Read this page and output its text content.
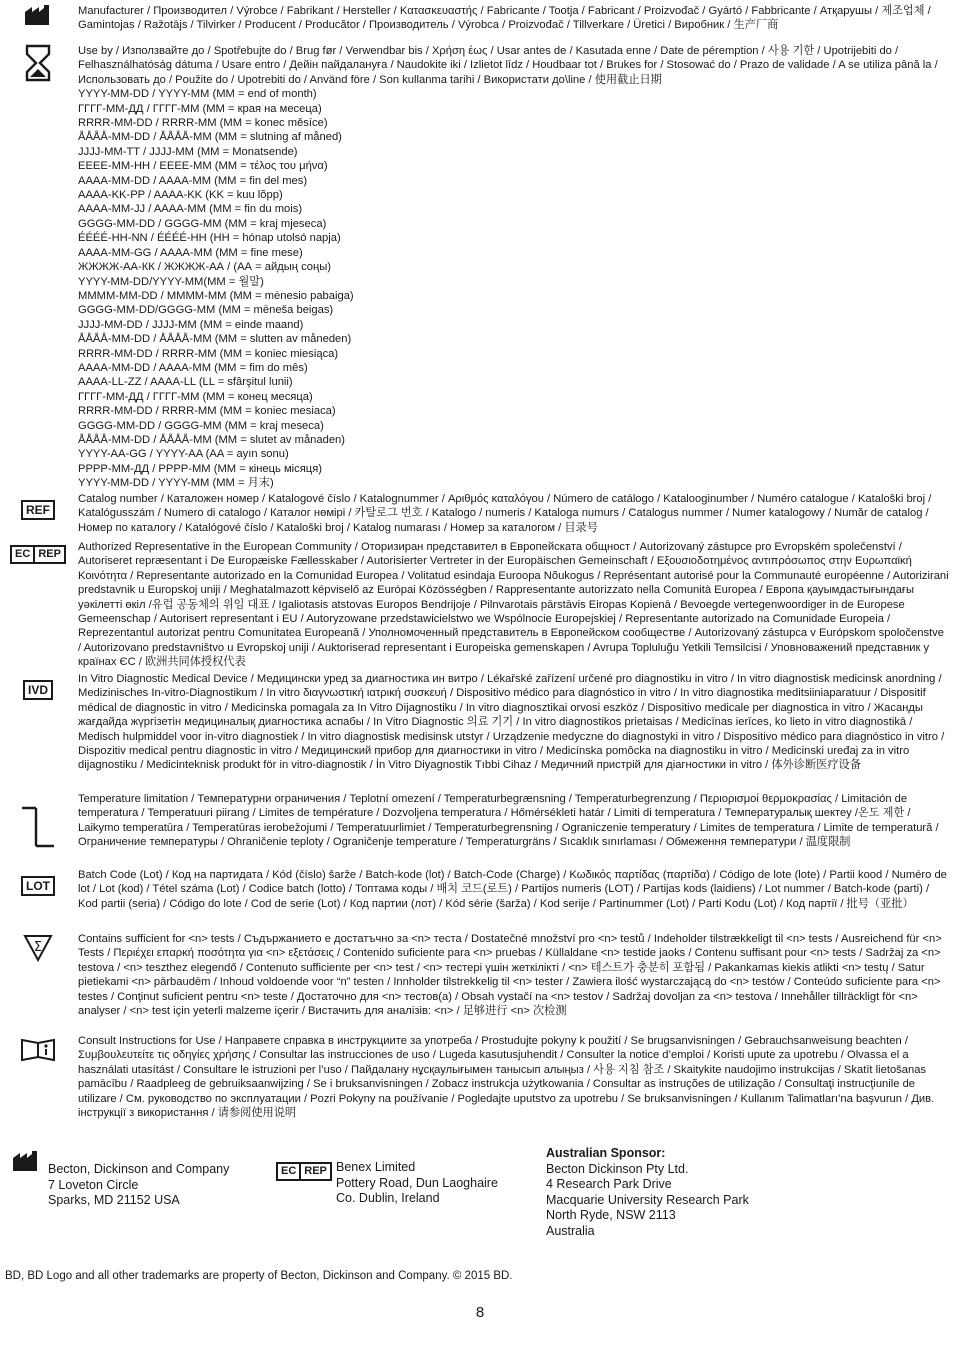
Manufacturer / Производител / Výrobce / Fabrikant / Hersteller / Κατασκευαστής / Fabricante / Tootja / Fabricant / Proizvođač / Gyártó / Fabbricante / Атқарушы / 제조업체 / Gamintojas / Ražotājs / Tilvirker / Producent / Producător / Производитель / Výrobca / Proizvođač / Tillverkare / Üretici / Виробник / 生产厂商
Use by / Използвайте до / Spotřebujte do / Brug før / Verwendbar bis / Χρήση έως / Usar antes de / Kasutada enne / Date de péremption / 사용 기한 / Upotrijebiti do / Felhasználhatóság dátuma / Usare entro / Дейін пайдалануға / Naudokite iki / Izlietot līdz / Houdbaar tot / Brukes for / Stosować do / Prazo de validade / A se utiliza până la / Использовать до / Použite do / Upotrebiti do / Använd före / Son kullanma tarihi / Використати до\line / 使用截止日期
YYYY-MM-DD / YYYY-MM (MM = end of month)
ГГГГ-ММ-ДД / ГГГГ-ММ (ММ = края на месеца)
RRRR-MM-DD / RRRR-MM (MM = konec měsíce)
ÅÅÅÅ-MM-DD / ÅÅÅÅ-MM (MM = slutning af måned)
JJJJ-MM-TT / JJJJ-MM (MM = Monatsende)
ΕΕΕΕ-ΜΜ-ΗΗ / ΕΕΕΕ-ΜΜ (ΜΜ = τέλος του μήνα)
AAAA-MM-DD / AAAA-MM (MM = fin del mes)
AAAA-KK-PP / AAAA-KK (KK = kuu lõpp)
AAAA-MM-JJ / AAAA-MM (MM = fin du mois)
GGGG-MM-DD / GGGG-MM (MM = kraj mjeseca)
ÉÉÉÉ-HH-NN / ÉÉÉÉ-HH (HH = hónap utolsó napja)
AAAA-MM-GG / AAAA-MM (MM = fine mese)
ЖЖЖЖ-АА-КК / ЖЖЖЖ-АА / (АА = айдың соңы)
YYYY-MM-DD/YYYY-MM(MM = 월말)
MMMM-MM-DD / MMMM-MM (MM = mėnesio pabaiga)
GGGG-MM-DD/GGGG-MM (MM = mēneša beigas)
JJJJ-MM-DD / JJJJ-MM (MM = einde maand)
ÅÅÅÅ-MM-DD / ÅÅÅÅ-MM (MM = slutten av måneden)
RRRR-MM-DD / RRRR-MM (MM = koniec miesiąca)
AAAA-MM-DD / AAAA-MM (MM = fim do mês)
AAAA-LL-ZZ / AAAA-LL (LL = sfârşitul lunii)
ГГГГ-ММ-ДД / ГГГГ-ММ (ММ = конец месяца)
RRRR-MM-DD / RRRR-MM (MM = koniec mesiaca)
GGGG-MM-DD / GGGG-MM (MM = kraj meseca)
ÅÅÅÅ-MM-DD / ÅÅÅÅ-MM (MM = slutet av månaden)
YYYY-AA-GG / YYYY-AA (AA = ayın sonu)
РРРР-ММ-ДД / РРРР-ММ (ММ = кінець місяця)
YYYY-MM-DD / YYYY-MM (MM = 月末)
REF
Catalog number / Каталожен номер / Katalogové číslo / Katalognummer / Αριθμός καταλόγου / Número de catálogo / Katalooginumber / Numéro catalogue / Kataloški broj / Katalógusszám / Numero di catalogo / Каталог нөмірі / 카탈로그 번호 / Katalogo / numeris / Kataloga numurs / Catalogus nummer / Numer katalogowy / Număr de catalog / Номер по каталогу / Katalógové číslo / Kataloški broj / Katalog numarası / Номер за каталогом / 目录号
EC REP
Authorized Representative in the European Community / Оторизиран представител в Европейската общност / Autorizovaný zástupce pro Evropském společenství / Autoriseret repræsentant i De Europæiske Fællesskaber / Autorisierter Vertreter in der Europäischen Gemeinschaft / Εξουσιοδοτημένος αντιπρόσωπος στην Ευρωπαϊκή Κοινότητα / Representante autorizado en la Comunidad Europea / Volitatud esindaja Euroopa Nõukogus / Représentant autorisé pour la Communauté européenne / Autorizirani predstavnik u Europskoj uniji / Meghatalmazott képviselő az Európai Közösségben / Rappresentante autorizzato nella Comunità Europea / Европа қауымдастығындағы уәкілетті өкіл /유럽 공동체의 위임 대표 / Igaliotasis atstovas Europos Bendrijoje / Pilnvarotais pārstāvis Eiropas Kopienā / Bevoegde vertegenwoordiger in de Europese Gemeenschap / Autorisert representant i EU / Autoryzowane przedstawicielstwo we Wspólnocie Europejskiej / Representante autorizado na Comunidade Europeia / Reprezentantul autorizat pentru Comunitatea Europeană / Уполномоченный представитель в Европейском сообществе / Autorizovaný zástupca v Európskom spoločenstve / Autorizovano predstavništvo u Evropskoj uniji / Auktoriserad representant i Europeiska gemenskapen / Avrupa Topluluğu Yetkili Temsilcisi / Уповноважений представник у країнах ЄС / 欧洲共同体授权代表
IVD
In Vitro Diagnostic Medical Device / Медицински уред за диагностика ин витро / Lékařské zařízení určené pro diagnostiku in vitro / In vitro diagnostisk medicinsk anordning / Medizinisches In-vitro-Diagnostikum / In vitro διαγνωστική ιατρική συσκευή / Dispositivo médico para diagnóstico in vitro / In vitro diagnostika meditsiiniaparatuur / Dispositif médical de diagnostic in vitro / Medicinska pomagala za In Vitro Dijagnostiku / In vitro diagnosztikai orvosi eszköz / Dispositivo medicale per diagnostica in vitro / Жасанды жағдайда жүргізетін медициналық диагностика аспабы / In Vitro Diagnostic 의료 기기 / In vitro diagnostikos prietaisas / Medicīnas ierīces, ko lieto in vitro diagnostikā / Medisch hulpmiddel voor in-vitro diagnostiek / In vitro diagnostisk medisinsk utstyr / Urządzenie medyczne do diagnostyki in vitro / Dispositivo médico para diagnóstico in vitro / Dispozitiv medical pentru diagnostic in vitro / Медицинский прибор для диагностики in vitro / Medicínska pomôcka na diagnostiku in vitro / Medicinski uređaj za in vitro dijagnostiku / Medicinteknisk produkt för in vitro-diagnostik / İn Vitro Diyagnostik Tıbbi Cihaz / Медичний пристрій для діагностики in vitro / 体外诊断医疗设备
Temperature limitation / Температурни ограничения / Teplotní omezení / Temperaturbegrænsning / Temperaturbegrenzung / Περιορισμοί θερμοκρασίας / Limitación de temperatura / Temperatuuri piirang / Limites de température / Dozvoljena temperatura / Hőmérsékleti határ / Limiti di temperatura / Температуралық шектеу /온도 제한 / Laikymo temperatūra / Temperatūras ierobežojumi / Temperatuurlimiet / Temperaturbegrensning / Ograniczenie temperatury / Limites de temperatura / Limite de temperatură / Ограничение температуры / Ohraničenie teploty / Ograničenje temperature / Temperaturgräns / Sıcaklık sınırlaması / Обмеження температури / 温度限制
LOT
Batch Code (Lot) / Код на партидата / Kód (číslo) šarže / Batch-kode (lot) / Batch-Code (Charge) / Κωδικός παρτίδας (παρτίδα) / Código de lote (lote) / Partii kood / Numéro de lot / Lot (kod) / Tétel száma (Lot) / Codice batch (lotto) / Топтама коды / 배치 코드(로트) / Partijos numeris (LOT) / Partijas kods (laidiens) / Lot nummer / Batch-kode (parti) / Kod partii (seria) / Código do lote / Cod de serie (Lot) / Код партии (лот) / Kód série (šarža) / Kod serije / Partinummer (Lot) / Parti Kodu (Lot) / Код партії / 批号（亚批）
Σ
Contains sufficient for <n> tests / Съдържанието е достатъчно за <n> теста / Dostatečné množství pro <n> testů / Indeholder tilstrækkeligt til <n> tests / Ausreichend für <n> Tests / Περιέχει επαρκή ποσότητα για <n> εξετάσεις / Contenido suficiente para <n> pruebas / Küllaldane <n> testide jaoks / Contenu suffisant pour <n> tests / Sadržaj za <n> testova / <n> teszthez elegendő / Contenuto sufficiente per <n> test / <n> тестері үшін жеткілікті / <n> 테스트가 충분히 포함됨 / Pakankamas kiekis atlikti <n> testų / Satur pietiekami <n> pārbaudēm / Inhoud voldoende voor “n” testen / Innholder tilstrekkelig til <n> tester / Zawiera ilość wystarczającą do <n> testów / Conteúdo suficiente para <n> testes / Conţinut suficient pentru <n> teste / Достаточно для <n> тестов(а) / Obsah vystačí na <n> testov / Sadržaj dovoljan za <n> testova / Innehåller tillräckligt för <n> analyser / <n> test için yeterli malzeme içerir / Вистачить для аналізів: <n> / 足够进行 <n> 次检测
Consult Instructions for Use / Направете справка в инструкциите за употреба / Prostudujte pokyny k použití / Se brugsanvisningen / Gebrauchsanweisung beachten / Συμβουλευτείτε τις οδηγίες χρήσης / Consultar las instrucciones de uso / Lugeda kasutusjuhendit / Consulter la notice d’emploi / Koristi upute za upotrebu / Olvassa el a használati utasítást / Consultare le istruzioni per l’uso / Пайдалану нұсқаулығымен танысып алыңыз / 사용 지침 참조 / Skaitykite naudojimo instrukcijas / Skatīt lietošanas pamācību / Raadpleeg de gebruiksaanwijzing / Se i bruksanvisningen / Zobacz instrukcja użytkowania / Consultar as instruções de utilização / Consultaţi instrucţiunile de utilizare / См. руководство по эксплуатации / Pozri Pokyny na používanie / Pogledajte uputstvo za upotrebu / Se bruksanvisningen / Kullanım Talimatları’na başvurun / Див. інструкції з використання / 请参阅使用说明
Becton, Dickinson and Company
7 Loveton Circle
Sparks, MD 21152 USA
EC REP Benex Limited
Pottery Road, Dun Laoghaire
Co. Dublin, Ireland
Australian Sponsor:
Becton Dickinson Pty Ltd.
4 Research Park Drive
Macquarie University Research Park
North Ryde, NSW 2113
Australia
BD, BD Logo and all other trademarks are property of Becton, Dickinson and Company. © 2015 BD.
8
